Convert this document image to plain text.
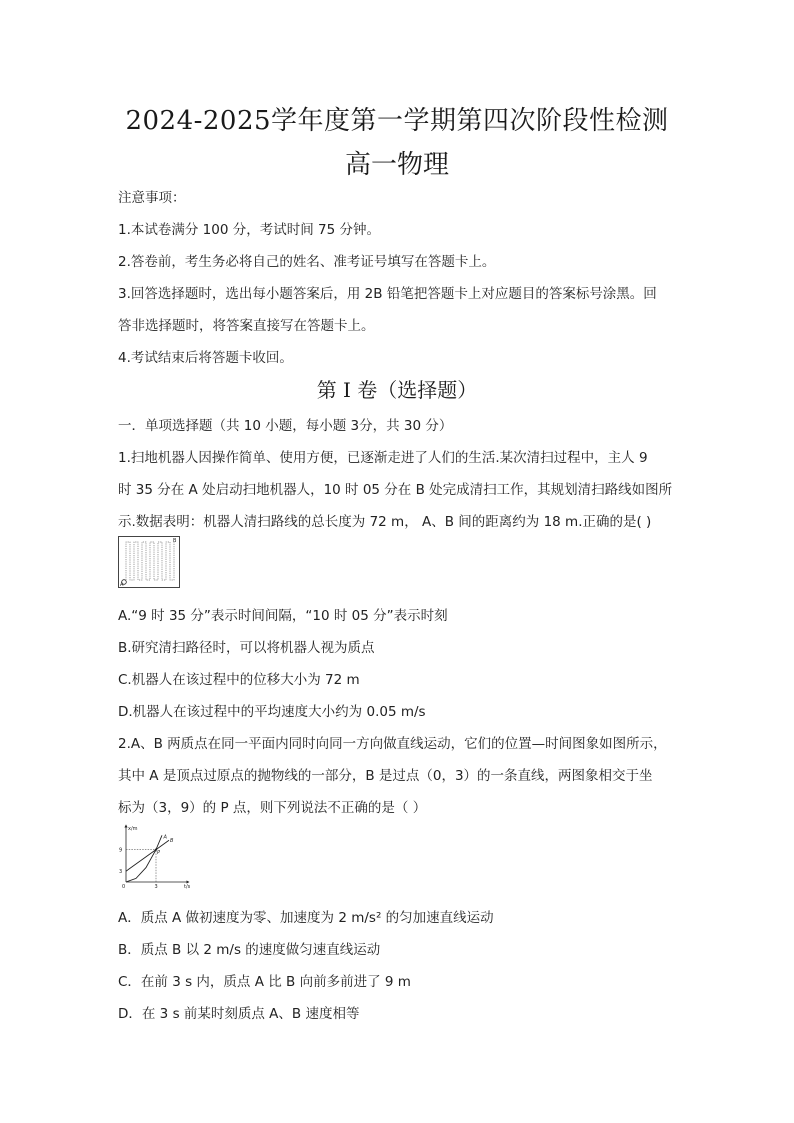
2024-2025学年度第一学期第四次阶段性检测
高一物理
注意事项：
1.本试卷满分 100 分，考试时间 75 分钟。
2.答卷前，考生务必将自己的姓名、准考证号填写在答题卡上。
3.回答选择题时，选出每小题答案后，用 2B 铅笔把答题卡上对应题目的答案标号涂黑。回
答非选择题时，将答案直接写在答题卡上。
4.考试结束后将答题卡收回。
第 I 卷（选择题）
一．单项选择题（共 10 小题，每小题 3分，共 30 分）
1.扫地机器人因操作简单、使用方便，已逐渐走进了人们的生活.某次清扫过程中，主人 9
时 35 分在 A 处启动扫地机器人，10 时 05 分在 B 处完成清扫工作，其规划清扫路线如图所
示.数据表明：机器人清扫路线的总长度为 72 m， A、B 间的距离约为 18 m.正确的是( )
A
B
A.“9 时 35 分”表示时间间隔，“10 时 05 分”表示时刻
B.研究清扫路径时，可以将机器人视为质点
C.机器人在该过程中的位移大小为 72 m
D.机器人在该过程中的平均速度大小约为 0.05 m/s
2.A、B 两质点在同一平面内同时向同一方向做直线运动，它们的位置—时间图象如图所示，
其中 A 是顶点过原点的抛物线的一部分，B 是过点（0，3）的一条直线，两图象相交于坐
标为（3，9）的 P 点，则下列说法不正确的是（ ）
x/m
t/s
0
9
3
3
A
B
P
A．质点 A 做初速度为零、加速度为 2 m/s² 的匀加速直线运动
B．质点 B 以 2 m/s 的速度做匀速直线运动
C．在前 3 s 内，质点 A 比 B 向前多前进了 9 m
D．在 3 s 前某时刻质点 A、B 速度相等
